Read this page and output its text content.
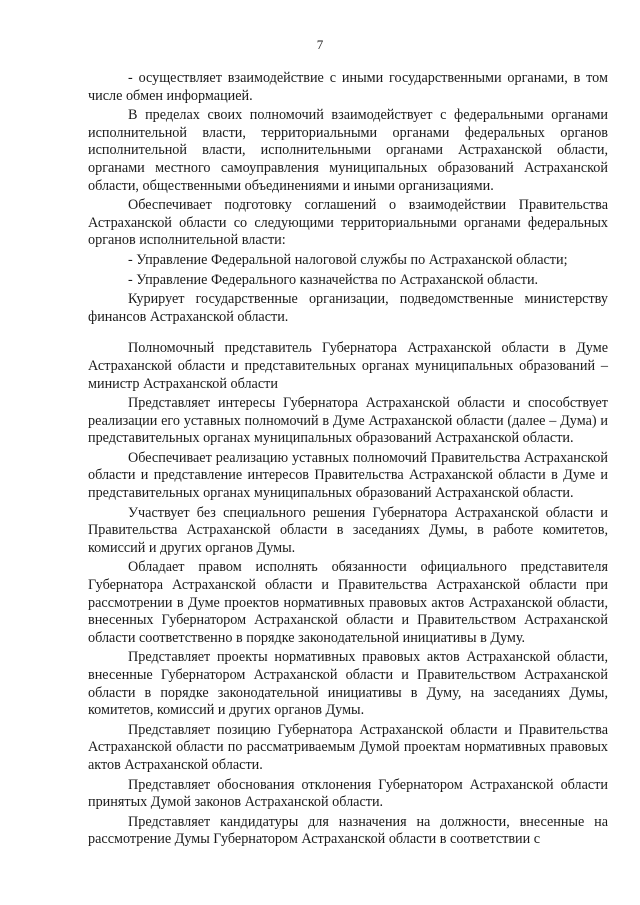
7

- осуществляет взаимодействие с иными государственными органами, в том числе обмен информацией.

В пределах своих полномочий взаимодействует с федеральными органами исполнительной власти, территориальными органами федеральных органов исполнительной власти, исполнительными органами Астраханской области, органами местного самоуправления муниципальных образований Астраханской области, общественными объединениями и иными организациями.

Обеспечивает подготовку соглашений о взаимодействии Правительства Астраханской области со следующими территориальными органами федеральных органов исполнительной власти:

- Управление Федеральной налоговой службы по Астраханской области;

- Управление Федерального казначейства по Астраханской области.

Курирует государственные организации, подведомственные министерству финансов Астраханской области.

Полномочный представитель Губернатора Астраханской области в Думе Астраханской области и представительных органах муниципальных образований – министр Астраханской области

Представляет интересы Губернатора Астраханской области и способствует реализации его уставных полномочий в Думе Астраханской области (далее – Дума) и представительных органах муниципальных образований Астраханской области.

Обеспечивает реализацию уставных полномочий Правительства Астраханской области и представление интересов Правительства Астраханской области в Думе и представительных органах муниципальных образований Астраханской области.

Участвует без специального решения Губернатора Астраханской области и Правительства Астраханской области в заседаниях Думы, в работе комитетов, комиссий и других органов Думы.

Обладает правом исполнять обязанности официального представителя Губернатора Астраханской области и Правительства Астраханской области при рассмотрении в Думе проектов нормативных правовых актов Астраханской области, внесенных Губернатором Астраханской области и Правительством Астраханской области соответственно в порядке законодательной инициативы в Думу.

Представляет проекты нормативных правовых актов Астраханской области, внесенные Губернатором Астраханской области и Правительством Астраханской области в порядке законодательной инициативы в Думу, на заседаниях Думы, комитетов, комиссий и других органов Думы.

Представляет позицию Губернатора Астраханской области и Правительства Астраханской области по рассматриваемым Думой проектам нормативных правовых актов Астраханской области.

Представляет обоснования отклонения Губернатором Астраханской области принятых Думой законов Астраханской области.

Представляет кандидатуры для назначения на должности, внесенные на рассмотрение Думы Губернатором Астраханской области в соответствии с
